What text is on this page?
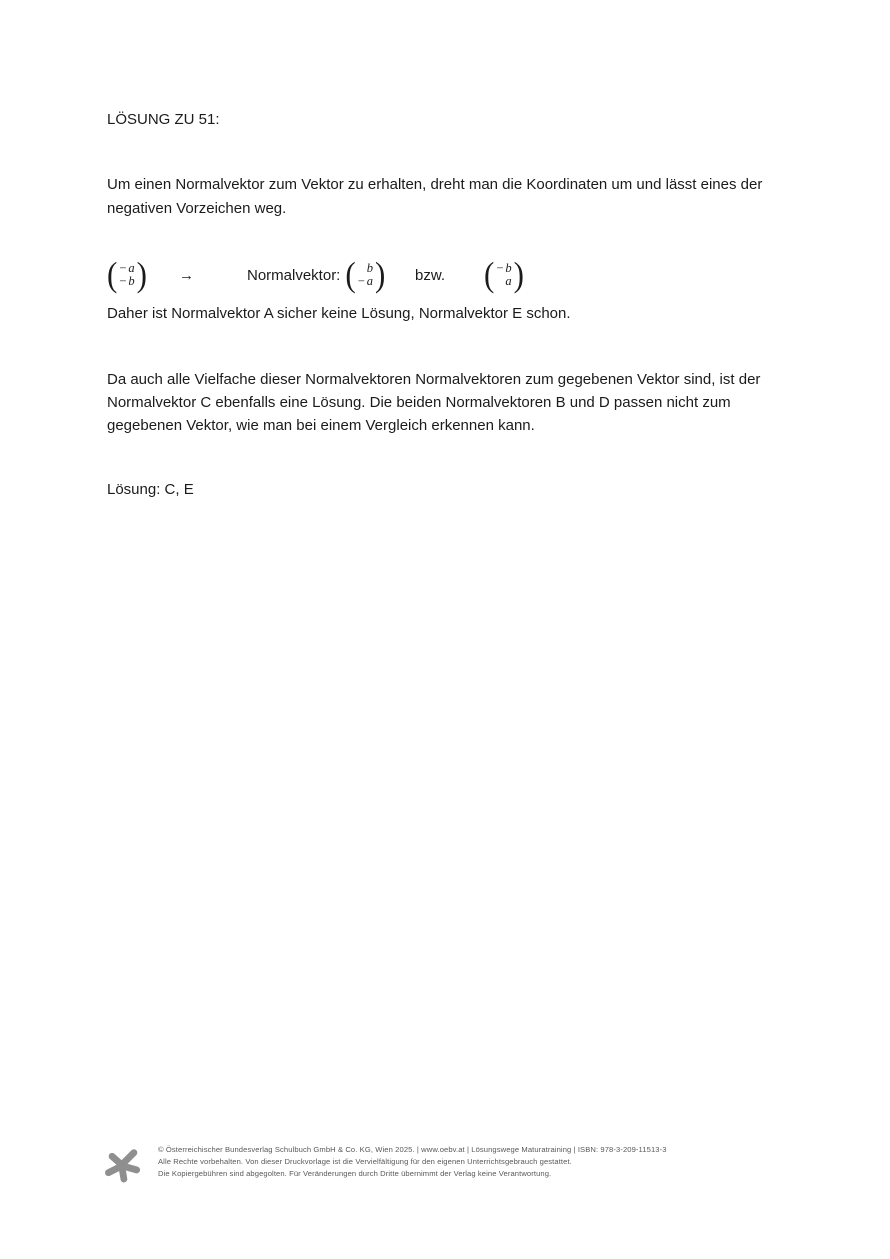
LÖSUNG ZU 51:
Um einen Normalvektor zum Vektor zu erhalten, dreht man die Koordinaten um und lässt eines der
negativen Vorzeichen weg.
( − a
− b ) →	Normalvektor: ( b
− a ) bzw. ( − b
a )
Daher ist Normalvektor A sicher keine Lösung, Normalvektor E schon.
Da auch alle Vielfache dieser Normalvektoren Normalvektoren zum gegebenen Vektor sind, ist der
Normalvektor C ebenfalls eine Lösung. Die beiden Normalvektoren B und D passen nicht zum
gegebenen Vektor, wie man bei einem Vergleich erkennen kann.
Lösung: C, E
© Österreichischer Bundesverlag Schulbuch GmbH & Co. KG, Wien 2025. | www.oebv.at | Lösungswege Maturatraining | ISBN: 978-3-209-11513-3
Alle Rechte vorbehalten. Von dieser Druckvorlage ist die Vervielfältigung für den eigenen Unterrichtsgebrauch gestattet.
Die Kopiergebühren sind abgegolten. Für Veränderungen durch Dritte übernimmt der Verlag keine Verantwortung.
